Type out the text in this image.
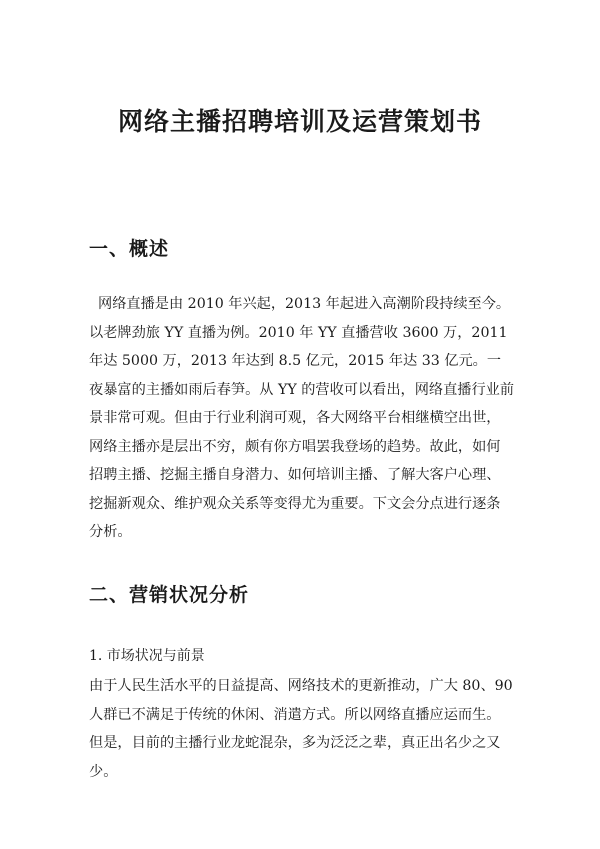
网络主播招聘培训及运营策划书
一、概述

网络直播是由 2010 年兴起，2013 年起进入高潮阶段持续至今。以老牌劲旅 YY 直播为例。2010 年 YY 直播营收 3600 万，2011 年达 5000 万，2013 年达到 8.5 亿元，2015 年达 33 亿元。一夜暴富的主播如雨后春笋。从 YY 的营收可以看出，网络直播行业前景非常可观。但由于行业利润可观，各大网络平台相继横空出世，网络主播亦是层出不穷，颇有你方唱罢我登场的趋势。故此，如何招聘主播、挖掘主播自身潜力、如何培训主播、了解大客户心理、挖掘新观众、维护观众关系等变得尤为重要。下文会分点进行逐条分析。

二、营销状况分析
1. 市场状况与前景

由于人民生活水平的日益提高、网络技术的更新推动，广大 80、90 人群已不满足于传统的休闲、消遣方式。所以网络直播应运而生。但是，目前的主播行业龙蛇混杂，多为泛泛之辈，真正出名少之又少。
